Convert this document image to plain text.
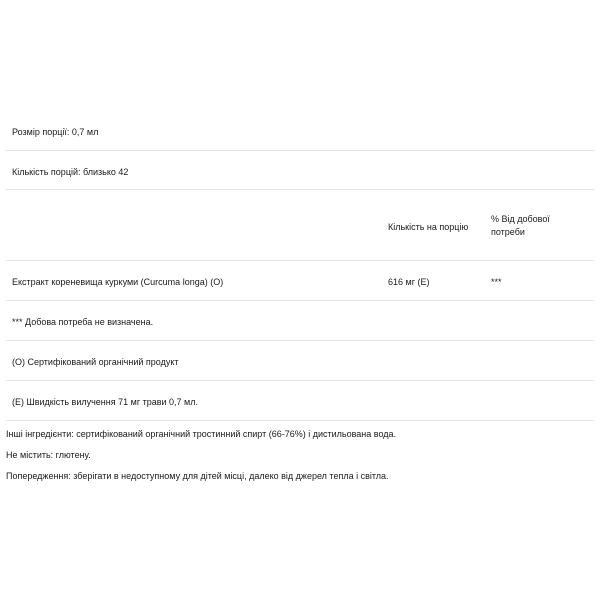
Розмір порції: 0,7 мл
Кількість порцій: близько 42
Кількість на порцію
% Від добової потреби
Екстракт кореневища куркуми (Curcuma longa) (O)	616 мг (E)	***
*** Добова потреба не визначена.
(O) Сертифікований органічний продукт
(E) Швидкість вилучення 71 мг трави 0,7 мл.

Інші інгредієнти: сертифікований органічний тростинний спирт (66-76%) і дистильована вода.

Не містить: глютену.

Попередження: зберігати в недоступному для дітей місці, далеко від джерел тепла і світла.
